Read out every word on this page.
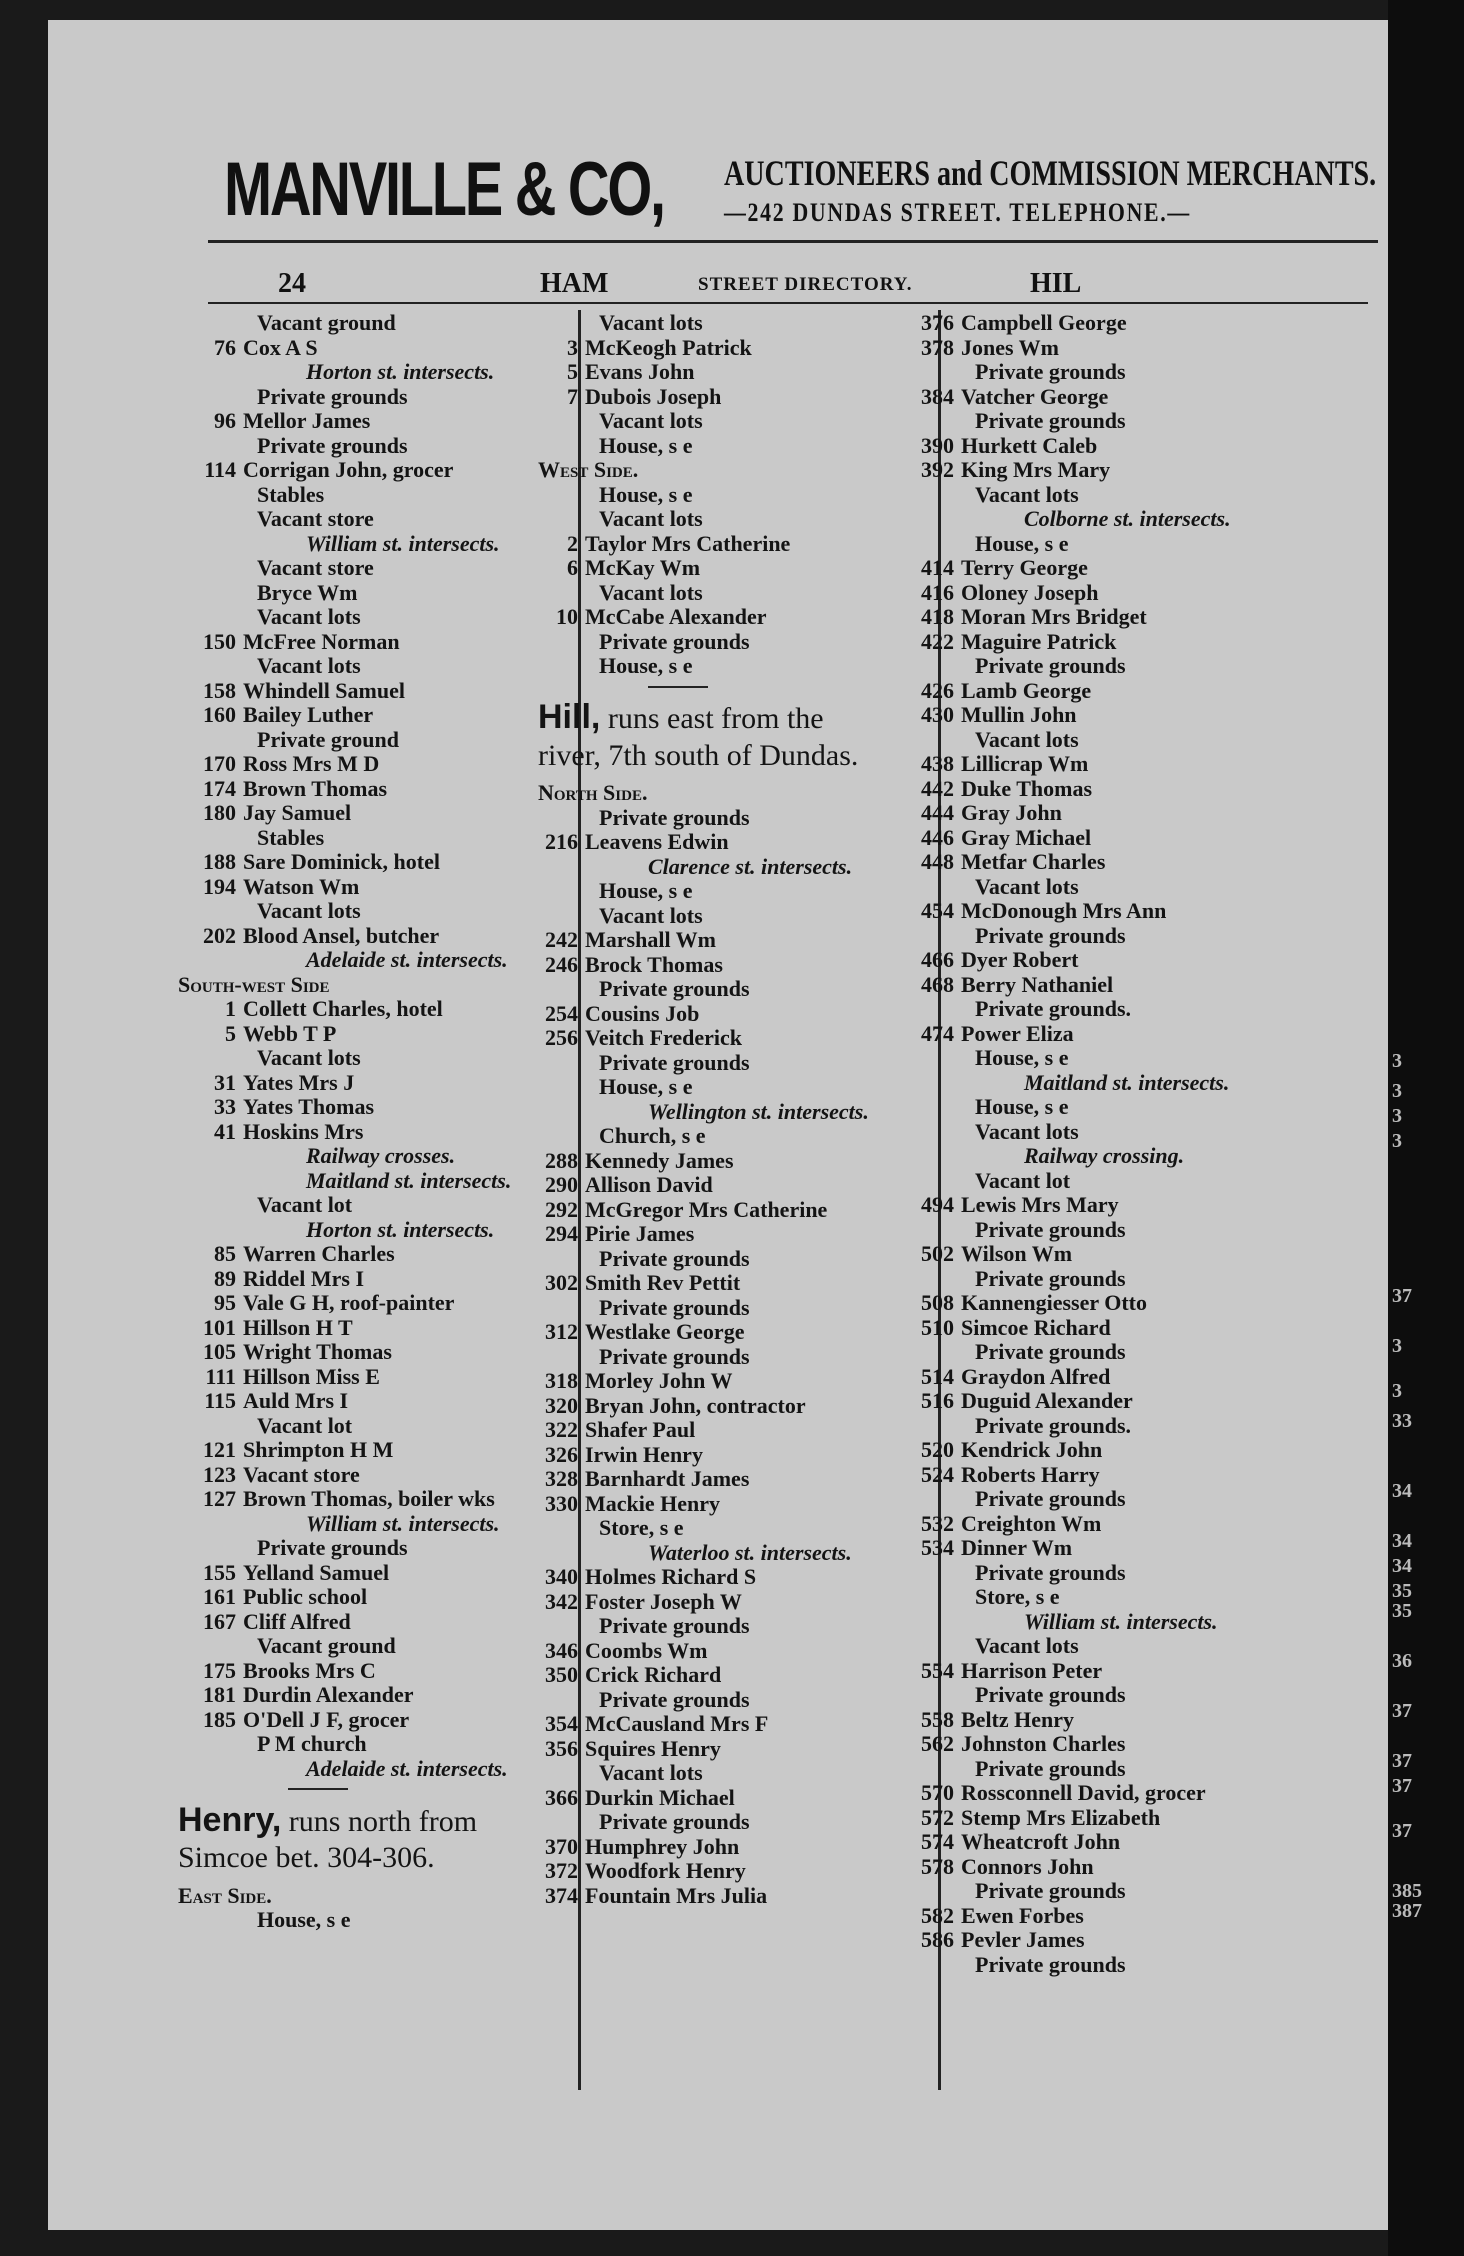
MANVILLE & CO, AUCTIONEERS and COMMISSION MERCHANTS.
—242 DUNDAS STREET. TELEPHONE.—
24	HAM	STREET DIRECTORY.	HIL
Vacant ground
76 Cox A S
Horton st. intersects.
Private grounds
96 Mellor James
Private grounds
114 Corrigan John, grocer
Stables
Vacant store
William st. intersects.
Vacant store
Bryce Wm
Vacant lots
150 McFree Norman
Vacant lots
158 Whindell Samuel
160 Bailey Luther
Private ground
170 Ross Mrs M D
174 Brown Thomas
180 Jay Samuel
Stables
188 Sare Dominick, hotel
194 Watson Wm
Vacant lots
202 Blood Ansel, butcher
Adelaide st. intersects.
South-west Side
1 Collett Charles, hotel
5 Webb T P
Vacant lots
31 Yates Mrs J
33 Yates Thomas
41 Hoskins Mrs
Railway crosses.
Maitland st. intersects.
Vacant lot
Horton st. intersects.
85 Warren Charles
89 Riddel Mrs I
95 Vale G H, roof-painter
101 Hillson H T
105 Wright Thomas
111 Hillson Miss E
115 Auld Mrs I
Vacant lot
121 Shrimpton H M
123 Vacant store
127 Brown Thomas, boiler wks
William st. intersects.
Private grounds
155 Yelland Samuel
161 Public school
167 Cliff Alfred
Vacant ground
175 Brooks Mrs C
181 Durdin Alexander
185 O'Dell J F, grocer
P M church
Adelaide st. intersects.
Henry, runs north from Simcoe bet. 304-306.
East Side.
House, s e
Vacant lots
3 McKeogh Patrick
5 Evans John
7 Dubois Joseph
Vacant lots
House, s e
West Side.
House, s e
Vacant lots
2 Taylor Mrs Catherine
6 McKay Wm
Vacant lots
10 McCabe Alexander
Private grounds
House, s e
Hill, runs east from the river, 7th south of Dundas.
North Side.
Private grounds
216 Leavens Edwin
Clarence st. intersects.
House, s e
Vacant lots
242 Marshall Wm
246 Brock Thomas
Private grounds
254 Cousins Job
256 Veitch Frederick
Private grounds
House, s e
Wellington st. intersects.
Church, s e
288 Kennedy James
290 Allison David
292 McGregor Mrs Catherine
294 Pirie James
Private grounds
302 Smith Rev Pettit
Private grounds
312 Westlake George
Private grounds
318 Morley John W
320 Bryan John, contractor
322 Shafer Paul
326 Irwin Henry
328 Barnhardt James
330 Mackie Henry
Store, s e
Waterloo st. intersects.
340 Holmes Richard S
342 Foster Joseph W
Private grounds
346 Coombs Wm
350 Crick Richard
Private grounds
354 McCausland Mrs F
356 Squires Henry
Vacant lots
366 Durkin Michael
Private grounds
370 Humphrey John
372 Woodfork Henry
374 Fountain Mrs Julia
376 Campbell George
378 Jones Wm
Private grounds
384 Vatcher George
Private grounds
390 Hurkett Caleb
392 King Mrs Mary
Vacant lots
Colborne st. intersects.
House, s e
414 Terry George
416 Oloney Joseph
418 Moran Mrs Bridget
422 Maguire Patrick
Private grounds
426 Lamb George
430 Mullin John
Vacant lots
438 Lillicrap Wm
442 Duke Thomas
444 Gray John
446 Gray Michael
448 Metfar Charles
Vacant lots
454 McDonough Mrs Ann
Private grounds
466 Dyer Robert
468 Berry Nathaniel
Private grounds.
474 Power Eliza
House, s e
Maitland st. intersects.
House, s e
Vacant lots
Railway crossing.
Vacant lot
494 Lewis Mrs Mary
Private grounds
502 Wilson Wm
Private grounds
508 Kannengiesser Otto
510 Simcoe Richard
Private grounds
514 Graydon Alfred
516 Duguid Alexander
Private grounds.
520 Kendrick John
524 Roberts Harry
Private grounds
532 Creighton Wm
534 Dinner Wm
Private grounds
Store, s e
William st. intersects.
Vacant lots
554 Harrison Peter
Private grounds
558 Beltz Henry
562 Johnston Charles
Private grounds
570 Rossconnell David, grocer
572 Stemp Mrs Elizabeth
574 Wheatcroft John
578 Connors John
Private grounds
582 Ewen Forbes
586 Pevler James
Private grounds
3
3
3
3
37
3
3
33
34
34
34
35
35
36
37
37
37
37
385
387
